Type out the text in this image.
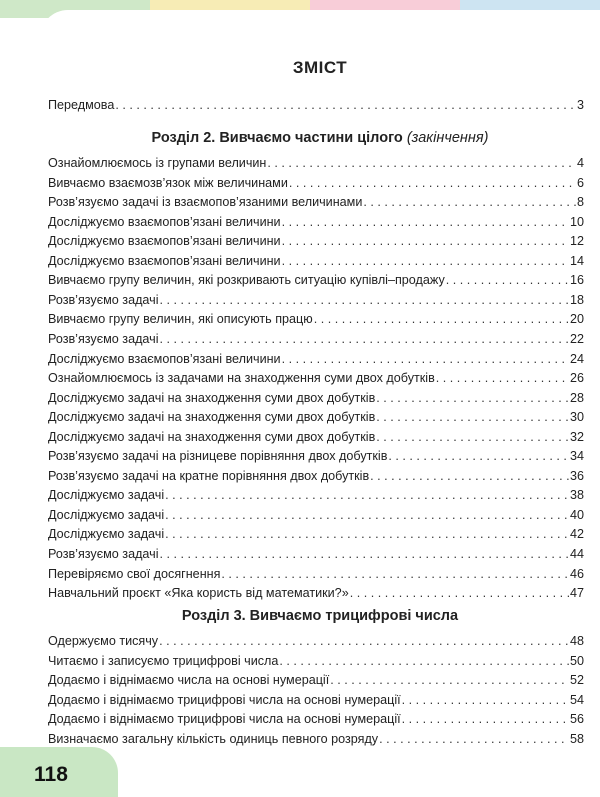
ЗМІСТ
Передмова . . .	3
Розділ 2. Вивчаємо частини цілого (закінчення)
Ознайомлюємось із групами величин . . .	4
Вивчаємо взаємозв’язок між величинами . . .	6
Розв’язуємо задачі із взаємопов’язаними величинами . . .	8
Досліджуємо взаємопов’язані величини . . .	10
Досліджуємо взаємопов’язані величини . . .	12
Досліджуємо взаємопов’язані величини . . .	14
Вивчаємо групу величин, які розкривають ситуацію купівлі–продажу . . .	16
Розв’язуємо задачі . . .	18
Вивчаємо групу величин, які описують працю . . .	20
Розв’язуємо задачі . . .	22
Досліджуємо взаємопов’язані величини . . .	24
Ознайомлюємось із задачами на знаходження суми двох добутків . . .	26
Досліджуємо задачі на знаходження суми двох добутків . . .	28
Досліджуємо задачі на знаходження суми двох добутків . . .	30
Досліджуємо задачі на знаходження суми двох добутків . . .	32
Розв’язуємо задачі на різницеве порівняння двох добутків . . .	34
Розв’язуємо задачі на кратне порівняння двох добутків . . .	36
Досліджуємо задачі . . .	38
Досліджуємо задачі . . .	40
Досліджуємо задачі . . .	42
Розв’язуємо задачі . . .	44
Перевіряємо свої досягнення . . .	46
Навчальний проєкт «Яка користь від математики?» . . .	47
Розділ 3. Вивчаємо трицифрові числа
Одержуємо тисячу . . .	48
Читаємо і записуємо трицифрові числа . . .	50
Додаємо і віднімаємо числа на основі нумерації . . .	52
Додаємо і віднімаємо трицифрові числа на основі нумерації . . .	54
Додаємо і віднімаємо трицифрові числа на основі нумерації . . .	56
Визначаємо загальну кількість одиниць певного розряду . . .	58
118
